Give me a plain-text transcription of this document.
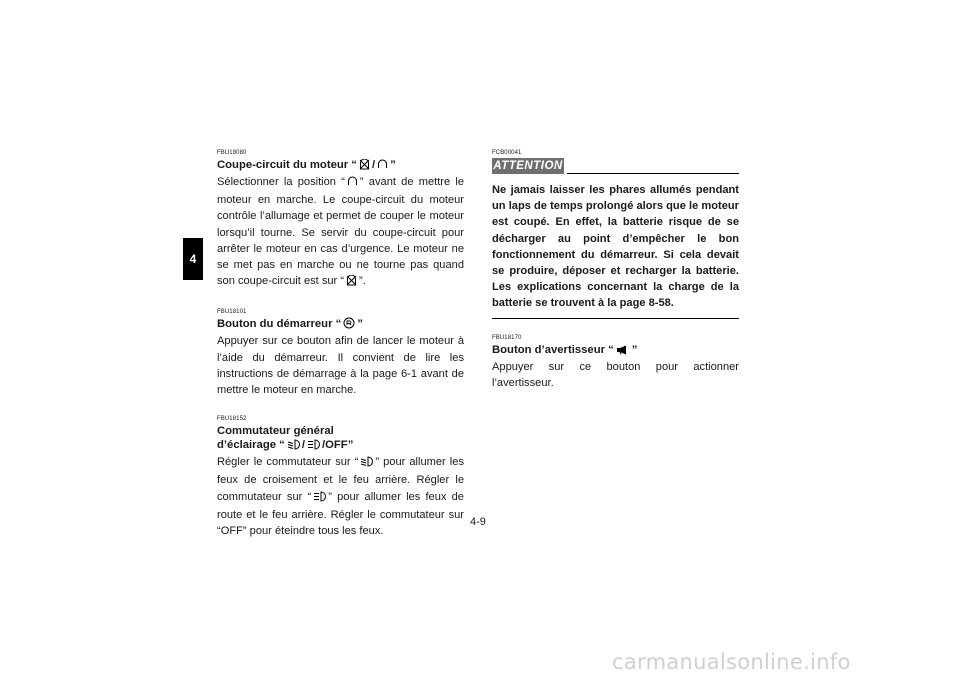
4
FBU18080
Coupe-circuit du moteur “ / ”
Sélectionner la position “ ” avant de mettre le moteur en marche. Le coupe-circuit du moteur contrôle l’allumage et permet de couper le moteur lorsqu’il tourne. Se servir du coupe-circuit pour arrêter le moteur en cas d’urgence. Le moteur ne se met pas en marche ou ne tourne pas quand son coupe-circuit est sur “ ”.
FBU18101
Bouton du démarreur “ ”
Appuyer sur ce bouton afin de lancer le moteur à l’aide du démarreur. Il convient de lire les instructions de démarrage à la page 6-1 avant de mettre le moteur en marche.
FBU18152
Commutateur général
d’éclairage “ / /OFF”
Régler le commutateur sur “ ” pour allumer les feux de croisement et le feu arrière. Régler le commutateur sur “ ” pour allumer les feux de route et le feu arrière. Régler le commutateur sur “OFF” pour éteindre tous les feux.
FCB00041
ATTENTION
Ne jamais laisser les phares allumés pendant un laps de temps prolongé alors que le moteur est coupé. En effet, la batterie risque de se décharger au point d’empêcher le bon fonctionnement du démarreur. Si cela devait se produire, déposer et recharger la batterie. Les explications concernant la charge de la batterie se trouvent à la page 8-58.
FBU18170
Bouton d’avertisseur “ ”
Appuyer sur ce bouton pour actionner l’avertisseur.
4-9
carmanualsonline.info
